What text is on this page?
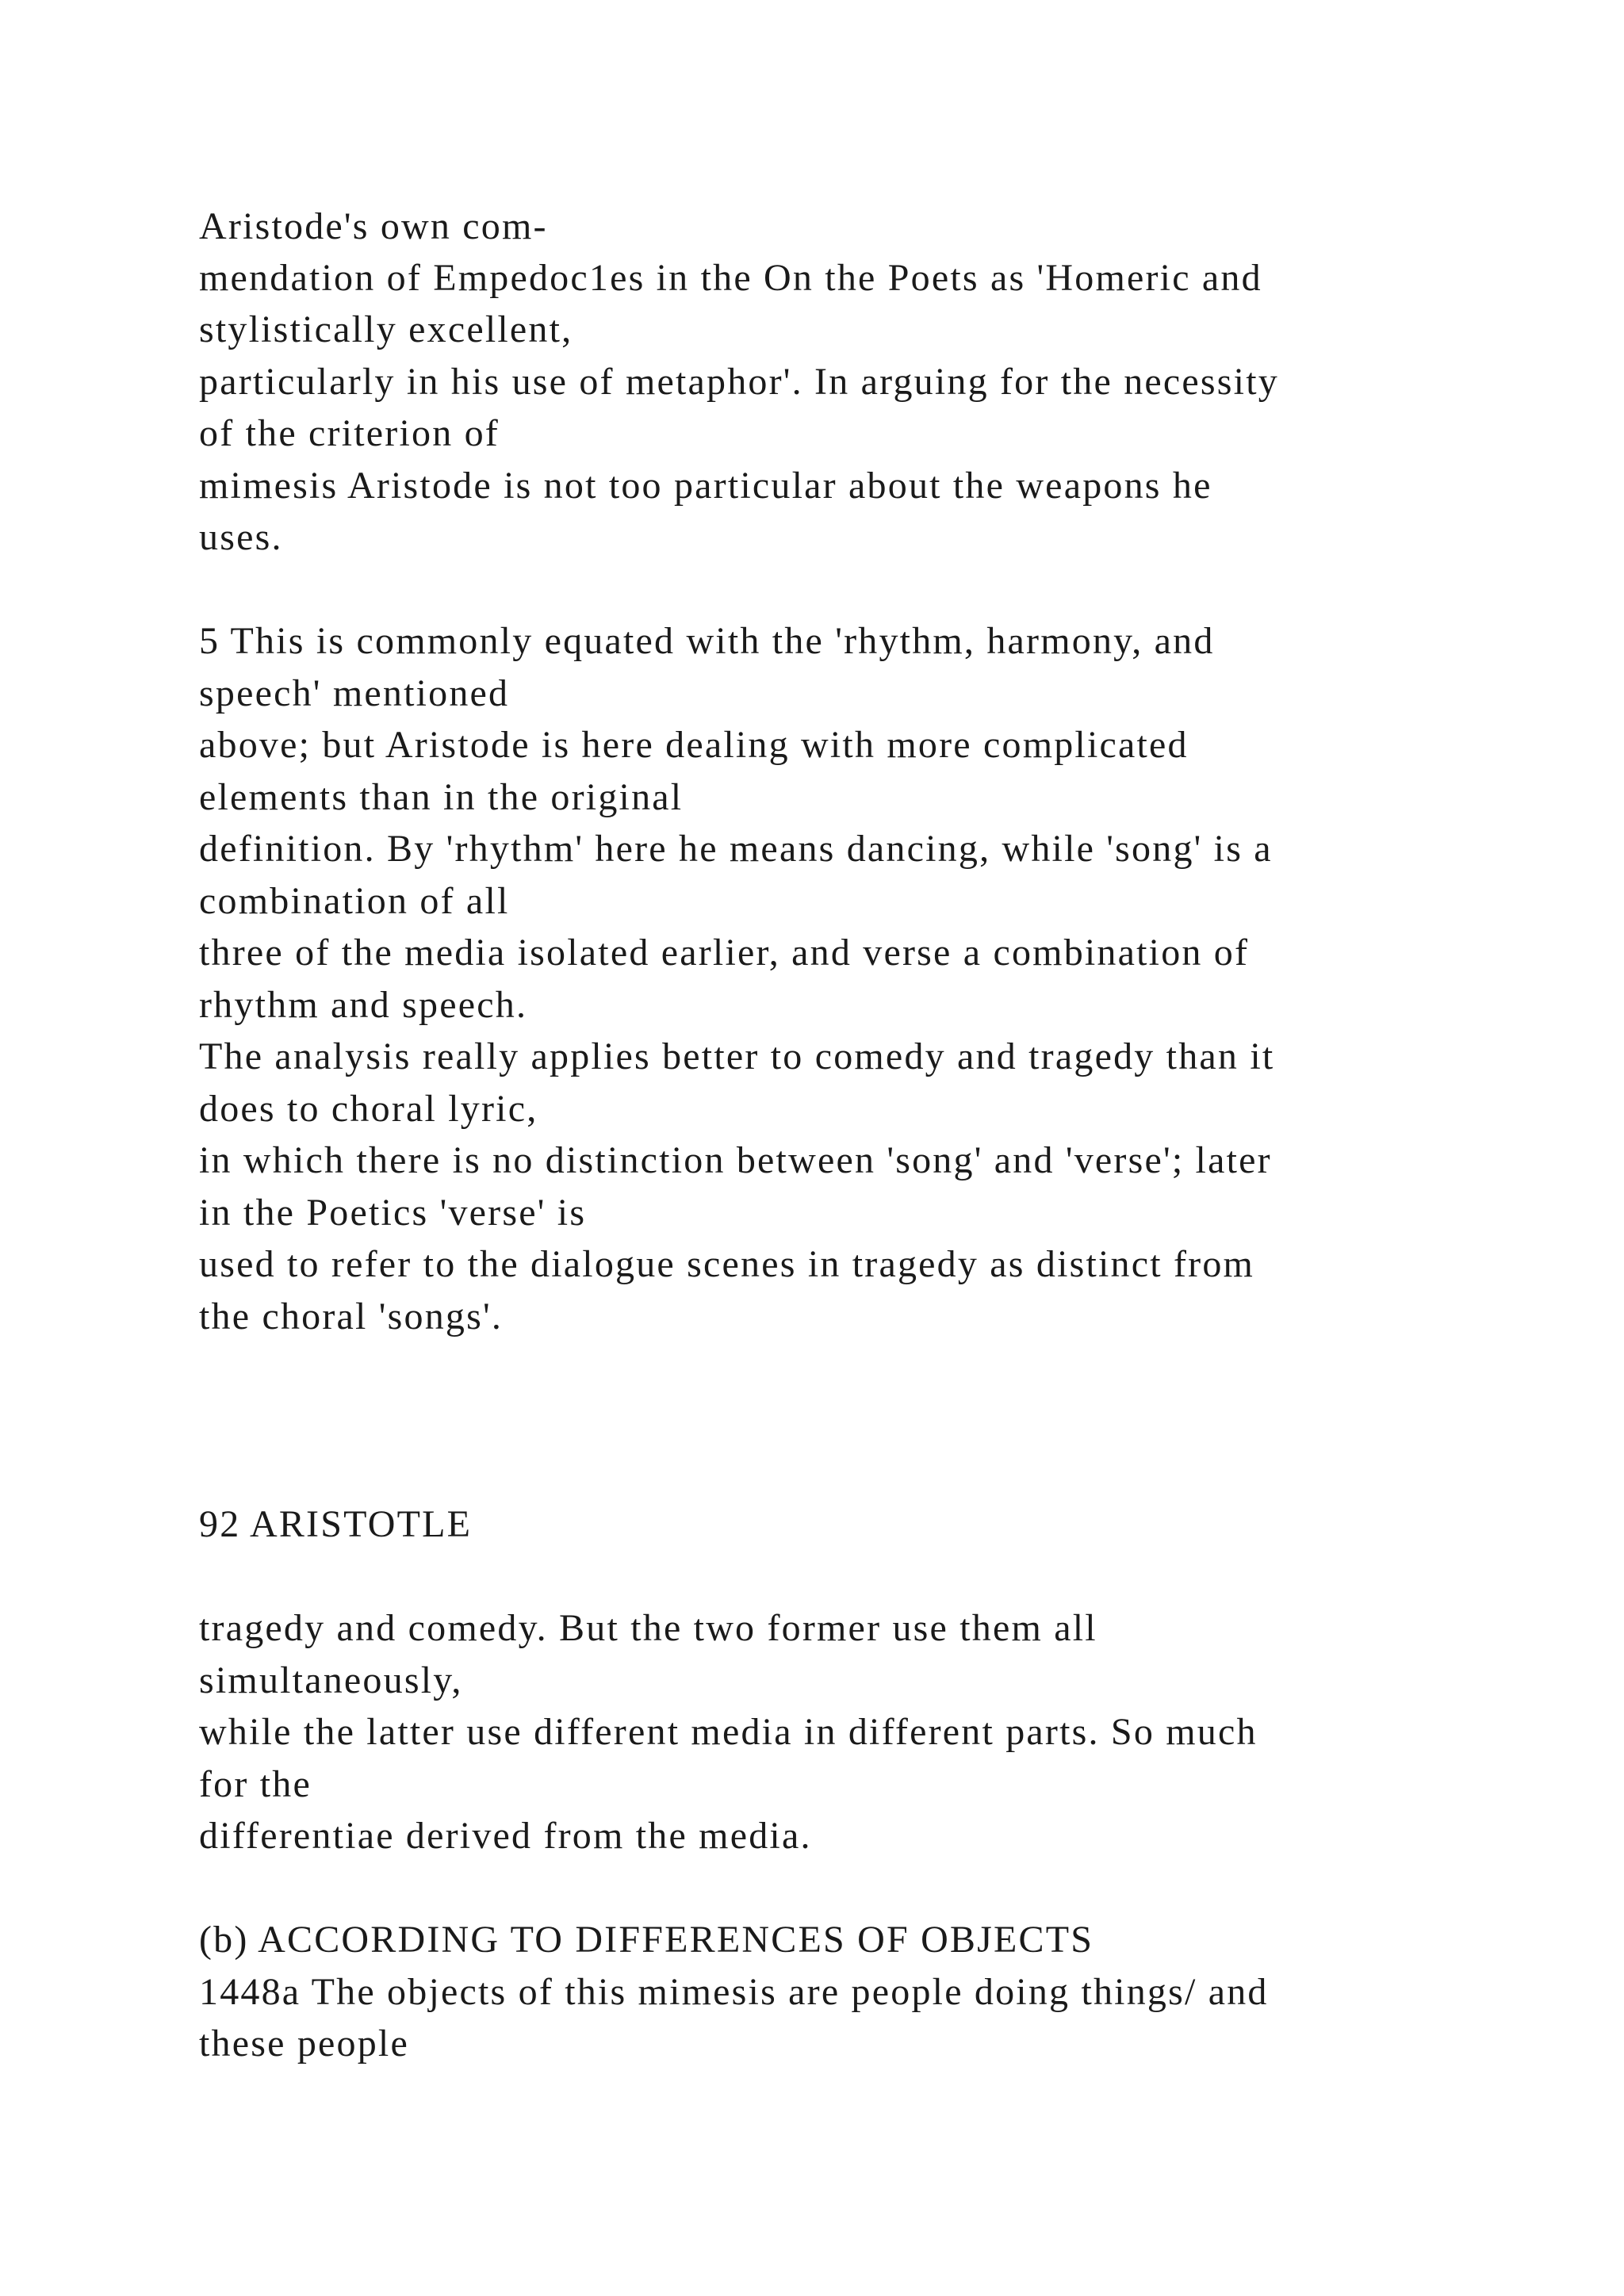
Aristode's own com-

mendation of Empedoc1es in the On the Poets as 'Homeric and

stylistically excellent,

particularly in his use of metaphor'. In arguing for the necessity

of the criterion of

mimesis Aristode is not too particular about the weapons he

uses.

5 This is commonly equated with the 'rhythm, harmony, and

speech' mentioned

above; but Aristode is here dealing with more complicated

elements than in the original

definition. By 'rhythm' here he means dancing, while 'song' is a

combination of all

three of the media isolated earlier, and verse a combination of

rhythm and speech.

The analysis really applies better to comedy and tragedy than it

does to choral lyric,

in which there is no distinction between 'song' and 'verse'; later

in the Poetics 'verse' is

used to refer to the dialogue scenes in tragedy as distinct from

the choral 'songs'.

92 ARISTOTLE

tragedy and comedy. But the two former use them all

simultaneously,

while the latter use different media in different parts. So much

for the

differentiae derived from the media.

(b) ACCORDING TO DIFFERENCES OF OBJECTS

1448a The objects of this mimesis are people doing things/ and

these people
